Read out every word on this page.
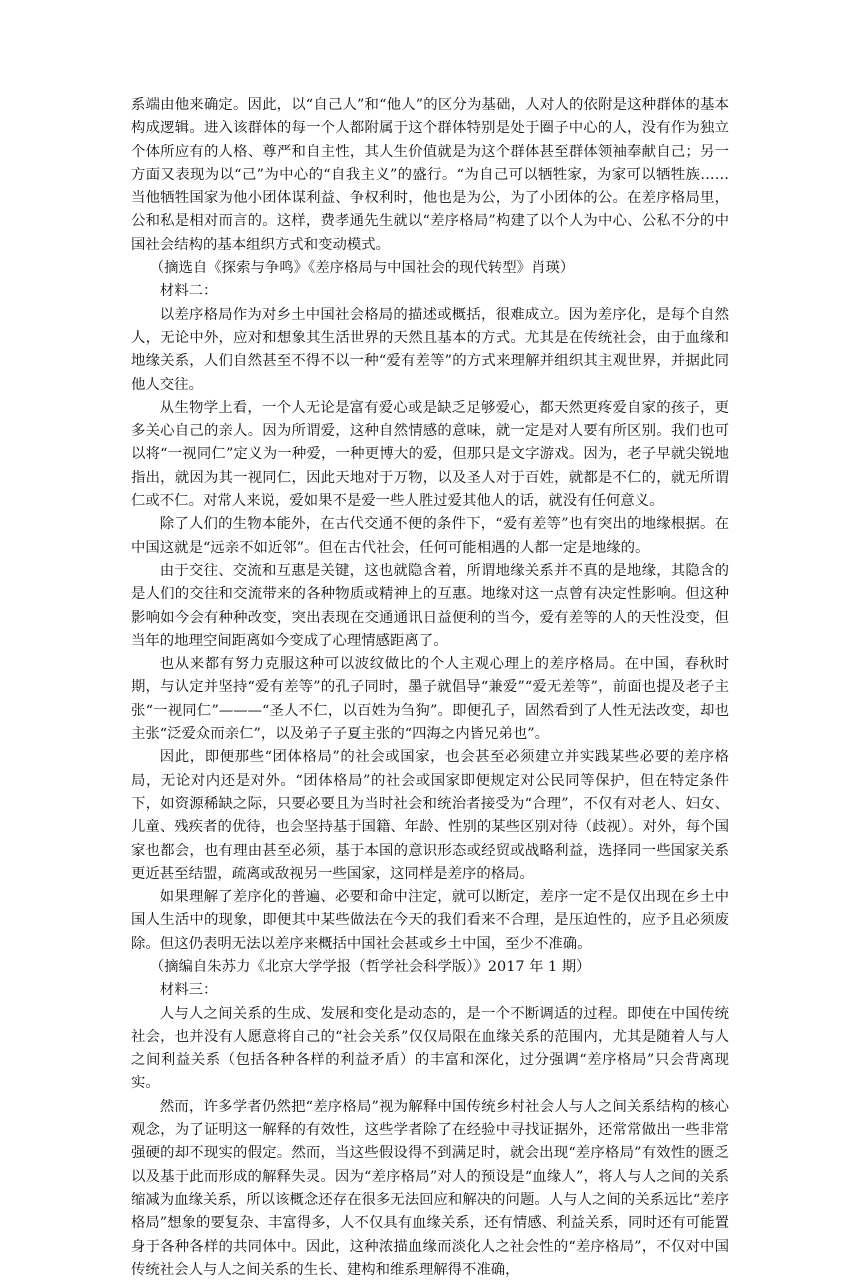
系端由他来确定。因此，以“自己人”和“他人”的区分为基础，人对人的依附是这种群体的基本构成逻辑。进入该群体的每一个人都附属于这个群体特别是处于圈子中心的人，没有作为独立个体所应有的人格、尊严和自主性，其人生价值就是为这个群体甚至群体领袖奉献自己；另一方面又表现为以“己”为中心的“自我主义”的盛行。“为自己可以牺牲家，为家可以牺牲族……当他牺牲国家为他小团体谋利益、争权利时，他也是为公，为了小团体的公。在差序格局里，公和私是相对而言的。这样，费孝通先生就以“差序格局”构建了以个人为中心、公私不分的中国社会结构的基本组织方式和变动模式。

（摘选自《探索与争鸣》《差序格局与中国社会的现代转型》肖瑛）

材料二：

以差序格局作为对乡土中国社会格局的描述或概括，很难成立。因为差序化，是每个自然人，无论中外，应对和想象其生活世界的天然且基本的方式。尤其是在传统社会，由于血缘和地缘关系，人们自然甚至不得不以一种“爱有差等”的方式来理解并组织其主观世界，并据此同他人交往。

从生物学上看，一个人无论是富有爱心或是缺乏足够爱心，都天然更疼爱自家的孩子，更多关心自己的亲人。因为所谓爱，这种自然情感的意味，就一定是对人要有所区别。我们也可以将“一视同仁”定义为一种爱，一种更博大的爱，但那只是文字游戏。因为，老子早就尖锐地指出，就因为其一视同仁，因此天地对于万物，以及圣人对于百姓，就都是不仁的，就无所谓仁或不仁。对常人来说，爱如果不是爱一些人胜过爱其他人的话，就没有任何意义。

除了人们的生物本能外，在古代交通不便的条件下，“爱有差等”也有突出的地缘根据。在中国这就是“远亲不如近邻”。但在古代社会，任何可能相遇的人都一定是地缘的。

由于交往、交流和互惠是关键，这也就隐含着，所谓地缘关系并不真的是地缘，其隐含的是人们的交往和交流带来的各种物质或精神上的互惠。地缘对这一点曾有决定性影响。但这种影响如今会有种种改变，突出表现在交通通讯日益便利的当今，爱有差等的人的天性没变，但当年的地理空间距离如今变成了心理情感距离了。

也从来都有努力克服这种可以波纹做比的个人主观心理上的差序格局。在中国，春秋时期，与认定并坚持“爱有差等”的孔子同时，墨子就倡导“兼爱”“爱无差等”，前面也提及老子主张“一视同仁”———“圣人不仁，以百姓为刍狗”。即便孔子，固然看到了人性无法改变，却也主张“泛爱众而亲仁”，以及弟子子夏主张的“四海之内皆兄弟也”。

因此，即便那些“团体格局”的社会或国家，也会甚至必须建立并实践某些必要的差序格局，无论对内还是对外。“团体格局”的社会或国家即便规定对公民同等保护，但在特定条件下，如资源稀缺之际，只要必要且为当时社会和统治者接受为“合理”，不仅有对老人、妇女、儿童、残疾者的优待，也会坚持基于国籍、年龄、性别的某些区别对待（歧视）。对外，每个国家也都会，也有理由甚至必须，基于本国的意识形态或经贸或战略利益，选择同一些国家关系更近甚至结盟，疏离或敌视另一些国家，这同样是差序的格局。

如果理解了差序化的普遍、必要和命中注定，就可以断定，差序一定不是仅出现在乡土中国人生活中的现象，即便其中某些做法在今天的我们看来不合理，是压迫性的，应予且必须废除。但这仍表明无法以差序来概括中国社会甚或乡土中国，至少不准确。

（摘编自朱苏力《北京大学学报（哲学社会科学版）》2017 年 1 期）

材料三：

人与人之间关系的生成、发展和变化是动态的，是一个不断调适的过程。即使在中国传统社会，也并没有人愿意将自己的“社会关系”仅仅局限在血缘关系的范围内，尤其是随着人与人之间利益关系（包括各种各样的利益矛盾）的丰富和深化，过分强调“差序格局”只会背离现实。

然而，许多学者仍然把“差序格局”视为解释中国传统乡村社会人与人之间关系结构的核心观念，为了证明这一解释的有效性，这些学者除了在经验中寻找证据外，还常常做出一些非常强硬的却不现实的假定。然而，当这些假设得不到满足时，就会出现“差序格局”有效性的匮乏以及基于此而形成的解释失灵。因为“差序格局”对人的预设是“血缘人”，将人与人之间的关系缩减为血缘关系，所以该概念还存在很多无法回应和解决的问题。人与人之间的关系远比“差序格局”想象的要复杂、丰富得多，人不仅具有血缘关系，还有情感、利益关系，同时还有可能置身于各种各样的共同体中。因此，这种浓描血缘而淡化人之社会性的“差序格局”，不仅对中国传统社会人与人之间关系的生长、建构和维系理解得不准确，
